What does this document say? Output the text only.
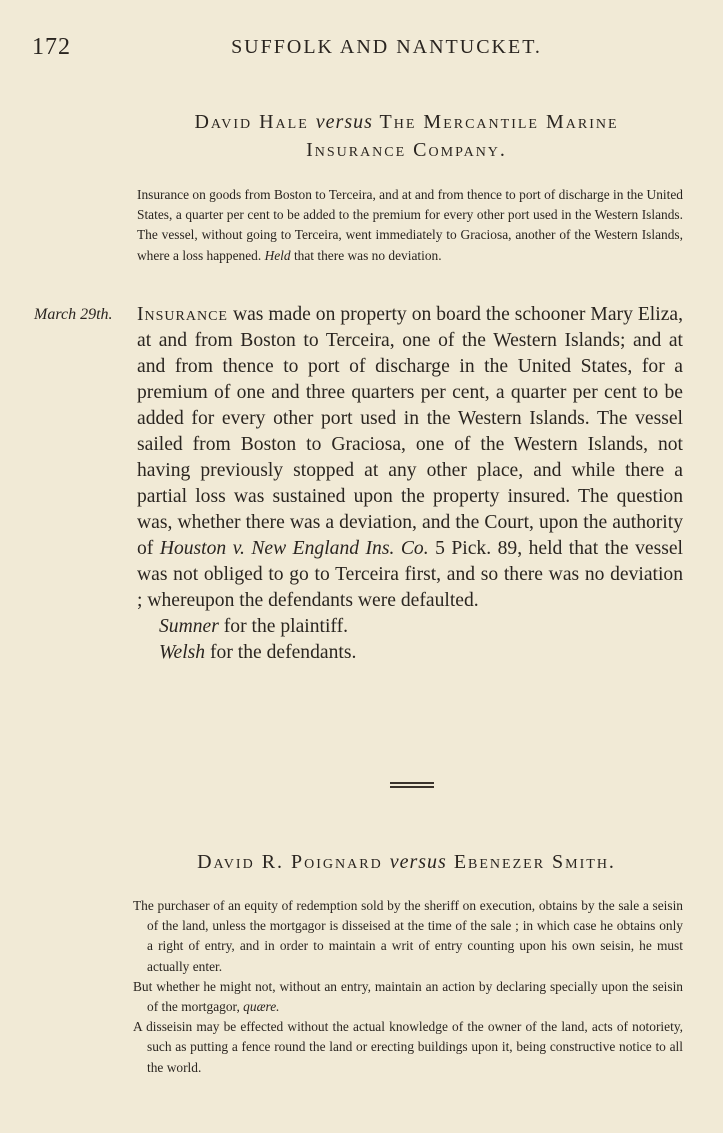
172	SUFFOLK AND NANTUCKET.
David Hale versus The Mercantile Marine
Insurance Company.

Insurance on goods from Boston to Terceira, and at and from thence to port of discharge in the United States, a quarter per cent to be added to the premium for every other port used in the Western Islands. The vessel, without going to Terceira, went immediately to Graciosa, another of the Western Islands, where a loss happened. Held that there was no deviation.

March 29th. Insurance was made on property on board the schooner Mary Eliza, at and from Boston to Terceira, one of the Western Islands; and at and from thence to port of discharge in the United States, for a premium of one and three quarters per cent, a quarter per cent to be added for every other port used in the Western Islands. The vessel sailed from Boston to Graciosa, one of the Western Islands, not having previously stopped at any other place, and while there a partial loss was sustained upon the property insured. The question was, whether there was a deviation, and the Court, upon the authority of Houston v. New England Ins. Co. 5 Pick. 89, held that the vessel was not obliged to go to Terceira first, and so there was no deviation ; whereupon the defendants were defaulted.

Sumner for the plaintiff.

Welsh for the defendants.

David R. Poignard versus Ebenezer Smith.

The purchaser of an equity of redemption sold by the sheriff on execution, obtains by the sale a seisin of the land, unless the mortgagor is disseised at the time of the sale ; in which case he obtains only a right of entry, and in order to maintain a writ of entry counting upon his own seisin, he must actually enter.

But whether he might not, without an entry, maintain an action by declaring specially upon the seisin of the mortgagor, quære.

A disseisin may be effected without the actual knowledge of the owner of the land, acts of notoriety, such as putting a fence round the land or erecting buildings upon it, being constructive notice to all the world.
